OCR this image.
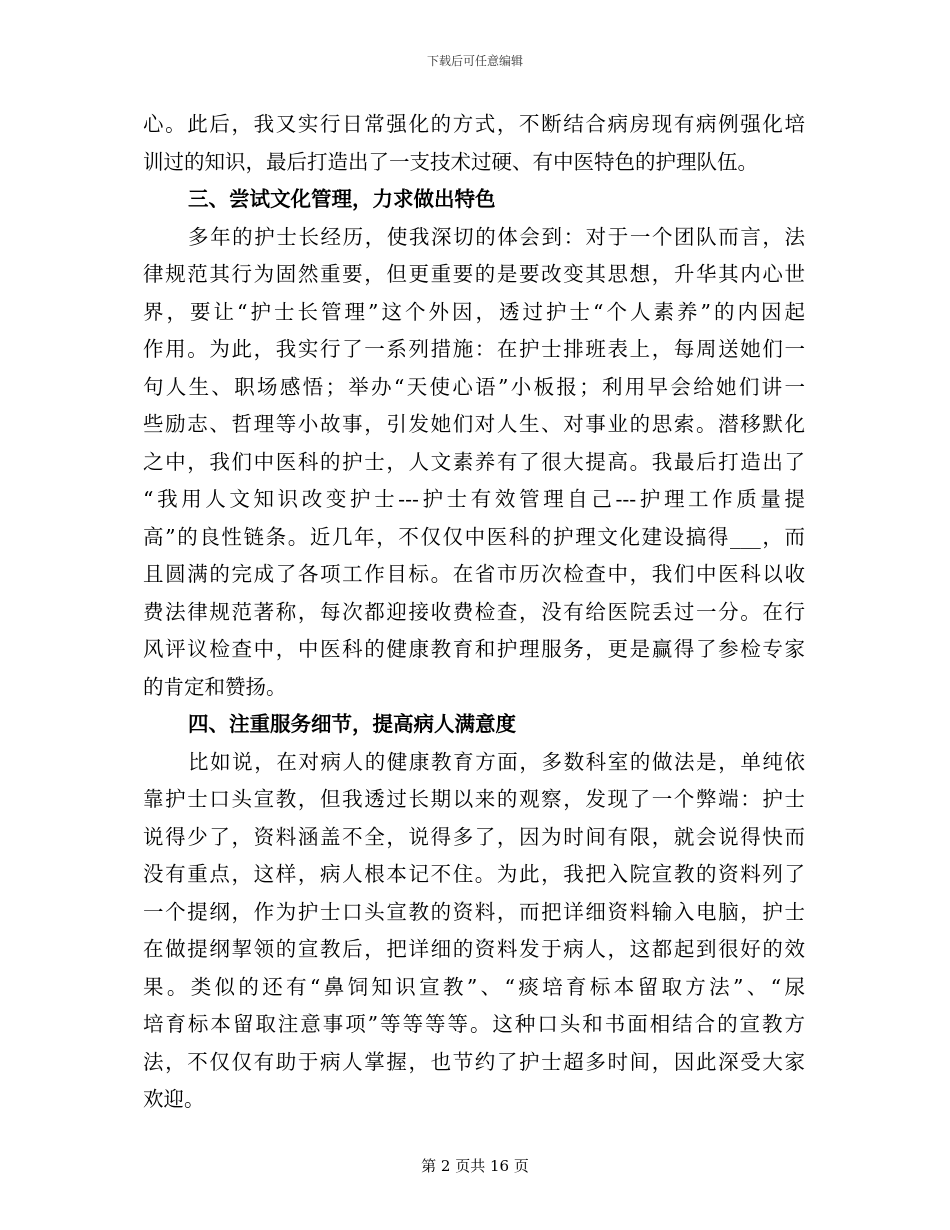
下载后可任意编辑
心。此后，我又实行日常强化的方式，不断结合病房现有病例强化培
训过的知识，最后打造出了一支技术过硬、有中医特色的护理队伍。
三、尝试文化管理，力求做出特色
多年的护士长经历，使我深切的体会到：对于一个团队而言，法
律规范其行为固然重要，但更重要的是要改变其思想，升华其内心世
界，要让“护士长管理”这个外因，透过护士“个人素养”的内因起
作用。为此，我实行了一系列措施：在护士排班表上，每周送她们一
句人生、职场感悟；举办“天使心语”小板报；利用早会给她们讲一
些励志、哲理等小故事，引发她们对人生、对事业的思索。潜移默化
之中，我们中医科的护士，人文素养有了很大提高。我最后打造出了
“我用人文知识改变护士---护士有效管理自己---护理工作质量提
高”的良性链条。近几年，不仅仅中医科的护理文化建设搞得___，而
且圆满的完成了各项工作目标。在省市历次检查中，我们中医科以收
费法律规范著称，每次都迎接收费检查，没有给医院丢过一分。在行
风评议检查中，中医科的健康教育和护理服务，更是赢得了参检专家
的肯定和赞扬。
四、注重服务细节，提高病人满意度
比如说，在对病人的健康教育方面，多数科室的做法是，单纯依
靠护士口头宣教，但我透过长期以来的观察，发现了一个弊端：护士
说得少了，资料涵盖不全，说得多了，因为时间有限，就会说得快而
没有重点，这样，病人根本记不住。为此，我把入院宣教的资料列了
一个提纲，作为护士口头宣教的资料，而把详细资料输入电脑，护士
在做提纲挈领的宣教后，把详细的资料发于病人，这都起到很好的效
果。类似的还有“鼻饲知识宣教”、“痰培育标本留取方法”、“尿
培育标本留取注意事项”等等等等。这种口头和书面相结合的宣教方
法，不仅仅有助于病人掌握，也节约了护士超多时间，因此深受大家
欢迎。
第 2 页共 16 页
